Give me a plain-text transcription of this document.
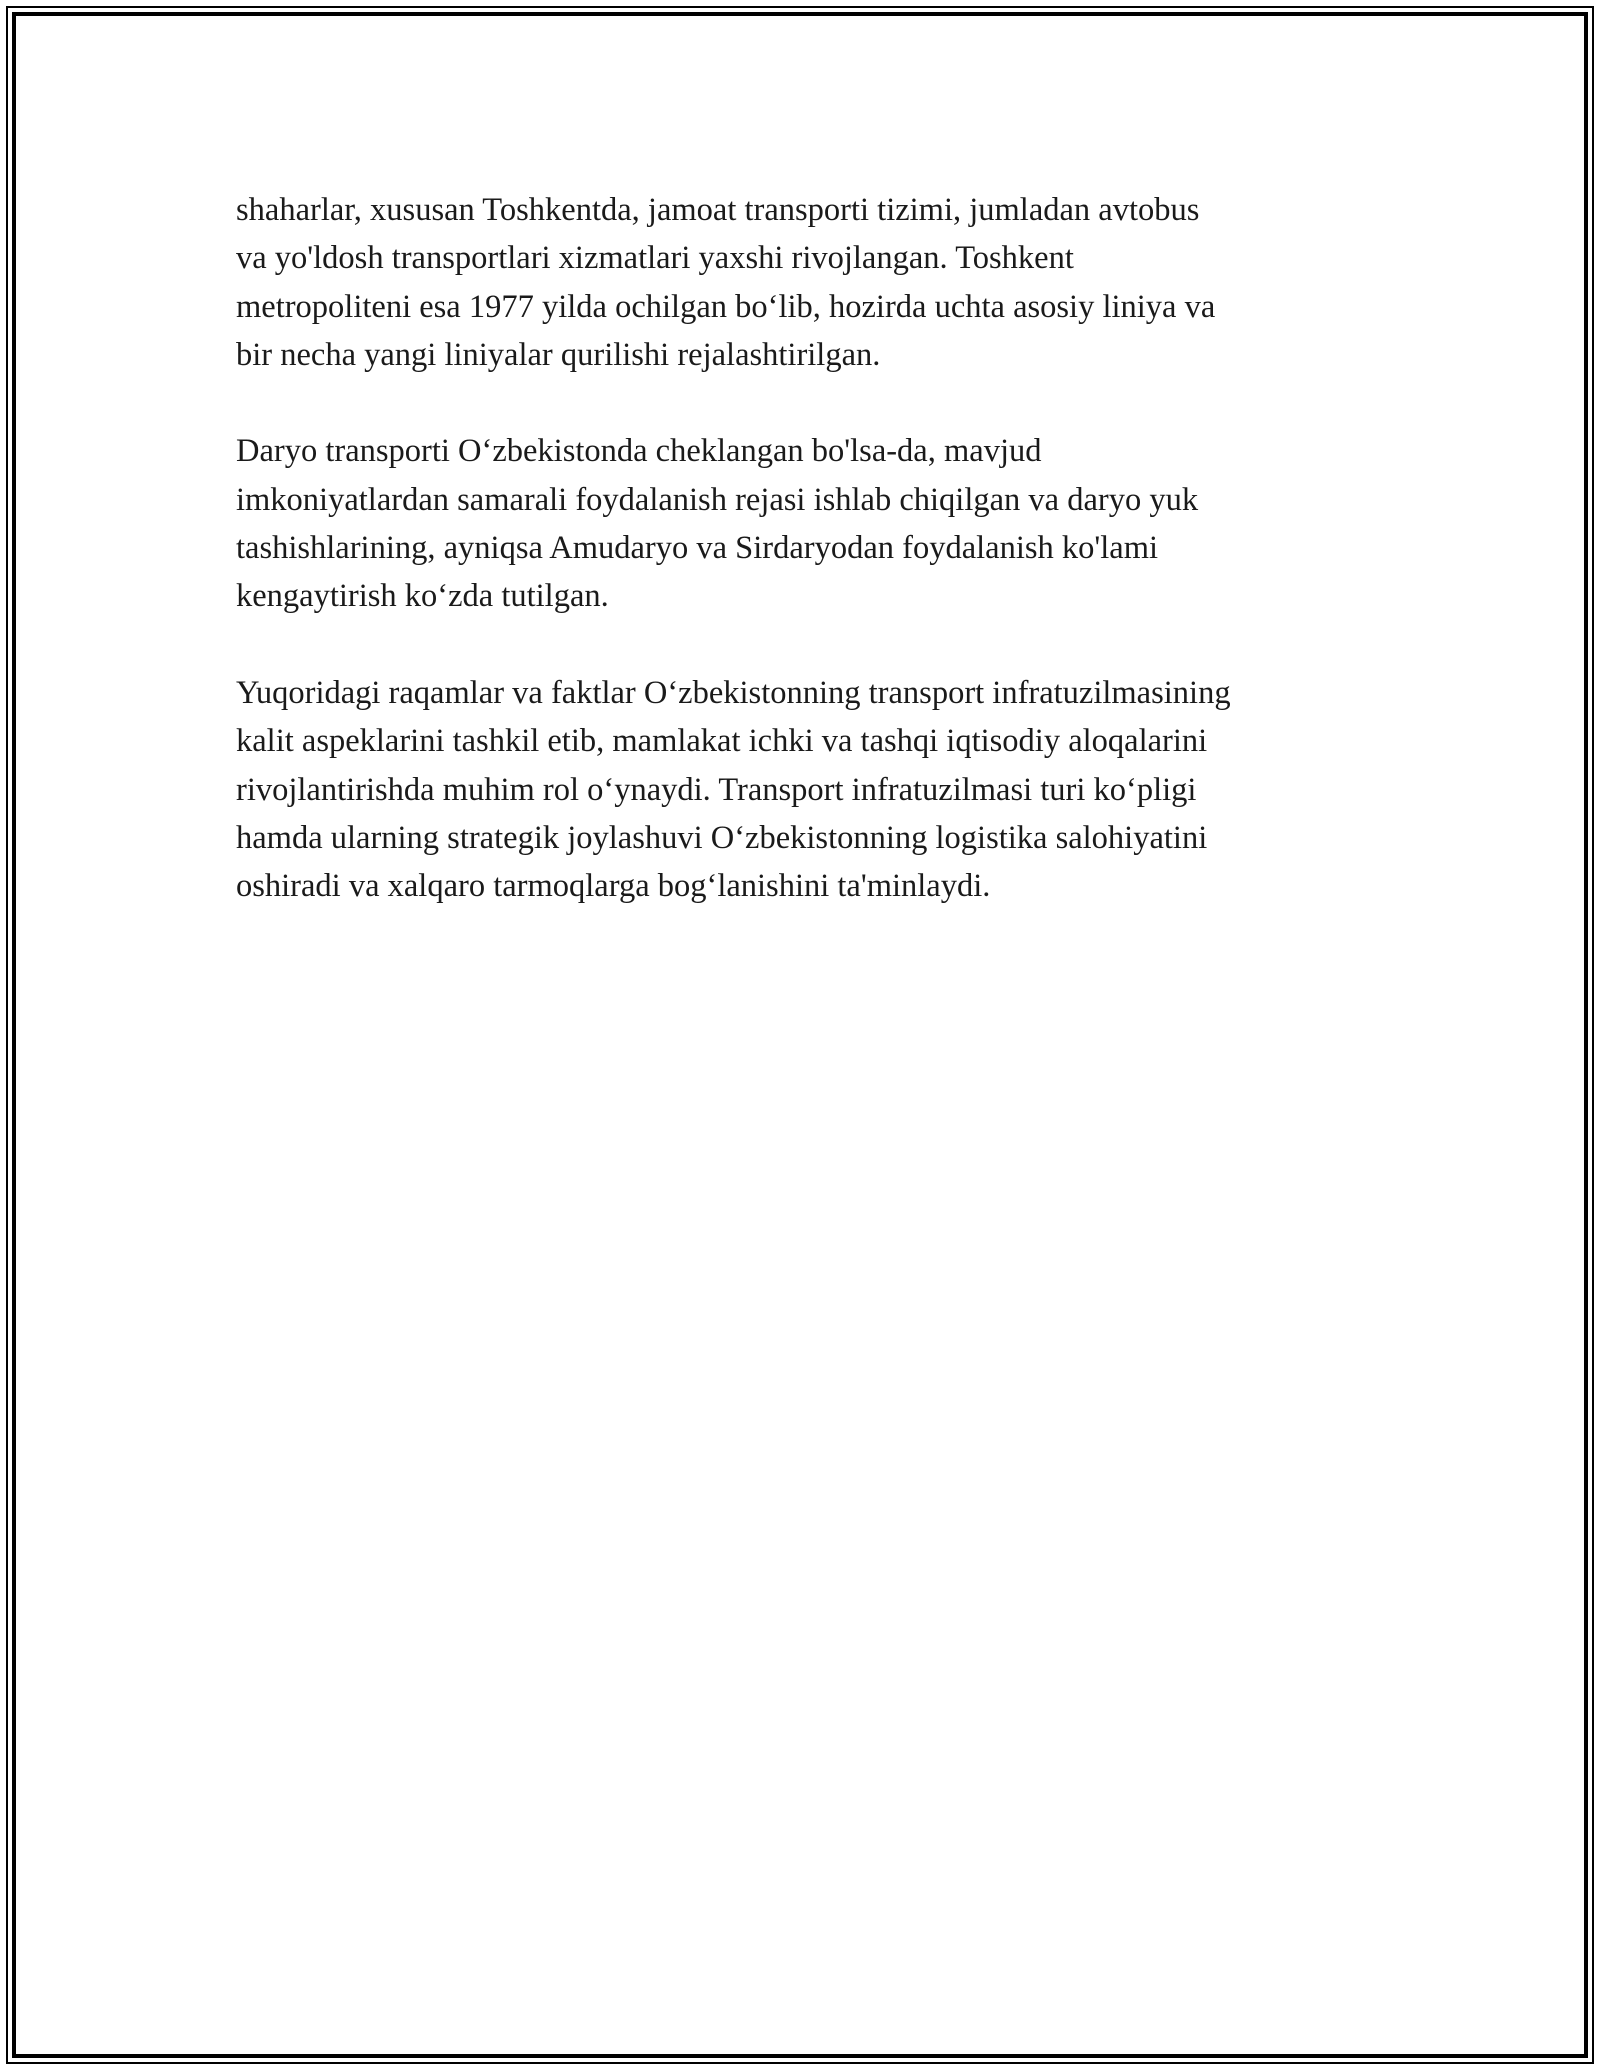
shaharlar, xususan Toshkentda, jamoat transporti tizimi, jumladan avtobus
va yo'ldosh transportlari xizmatlari yaxshi rivojlangan. Toshkent
metropoliteni esa 1977 yilda ochilgan bo‘lib, hozirda uchta asosiy liniya va
bir necha yangi liniyalar qurilishi rejalashtirilgan.

Daryo transporti O‘zbekistonda cheklangan bo'lsa-da, mavjud
imkoniyatlardan samarali foydalanish rejasi ishlab chiqilgan va daryo yuk
tashishlarining, ayniqsa Amudaryo va Sirdaryodan foydalanish ko'lami
kengaytirish ko‘zda tutilgan.

Yuqoridagi raqamlar va faktlar O‘zbekistonning transport infratuzilmasining
kalit aspeklarini tashkil etib, mamlakat ichki va tashqi iqtisodiy aloqalarini
rivojlantirishda muhim rol o‘ynaydi. Transport infratuzilmasi turi ko‘pligi
hamda ularning strategik joylashuvi O‘zbekistonning logistika salohiyatini
oshiradi va xalqaro tarmoqlarga bog‘lanishini ta'minlaydi.
